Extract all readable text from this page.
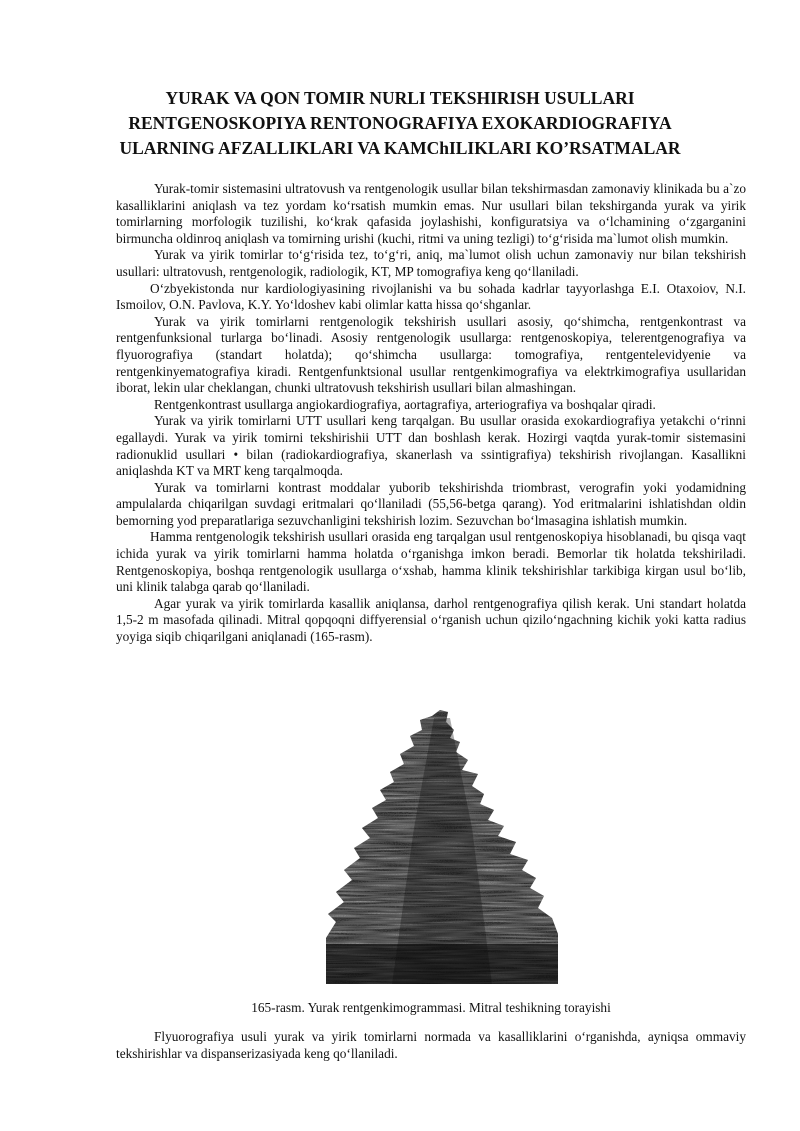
YURAK VA QON TOMIR NURLI TEKSHIRISH USULLARI
RENTGENOSKOPIYA RENTONOGRAFIYA EXOKARDIOGRAFIYA
ULARNING AFZALLIKLARI VA KAMChILIKLARI KO’RSATMALAR

Yurak-tomir sistemasini ultratovush va rentgenologik usullar bilan tekshirmasdan zamonaviy klinikada bu a`zo kasalliklarini aniqlash va tez yordam koʻrsatish mumkin emas. Nur usullari bilan tekshirganda yurak va yirik tomirlarning morfologik tuzilishi, koʻkrak qafasida joylashishi, konfiguratsiya va oʻlchamining oʻzgarganini birmuncha oldinroq aniqlash va tomirning urishi (kuchi, ritmi va uning tezligi) toʻgʻrisida ma`lumot olish mumkin.

Yurak va yirik tomirlar toʻgʻrisida tez, toʻgʻri, aniq, ma`lumot olish uchun zamonaviy nur bilan tekshirish usullari: ultratovush, rentgenologik, radiologik, KT, MP tomografiya keng qoʻllaniladi.

Oʻzbyekistonda nur kardiologiyasining rivojlanishi va bu sohada kadrlar tayyorlashga E.I. Otaxoiov, N.I. Ismoilov, O.N. Pavlova, K.Y. Yoʻldoshev kabi olimlar katta hissa qoʻshganlar.

Yurak va yirik tomirlarni rentgenologik tekshirish usullari asosiy, qoʻshimcha, rentgenkontrast va rentgenfunksional turlarga boʻlinadi. Asosiy rentgenologik usullarga: rentgenoskopiya, telerentgenografiya va flyuorografiya (standart holatda); qoʻshimcha usullarga: tomografiya, rentgentelevidyenie va rentgenkinyematografiya kiradi. Rentgenfunktsional usullar rentgenkimografiya va elektrkimografiya usullaridan iborat, lekin ular cheklangan, chunki ultratovush tekshirish usullari bilan almashingan.

Rentgenkontrast usullarga angiokardiografiya, aortagrafiya, arteriografiya va boshqalar qiradi.

Yurak va yirik tomirlarni UTT usullari keng tarqalgan. Bu usullar orasida exokardiografiya yetakchi oʻrinni egallaydi. Yurak va yirik tomirni tekshirishii UTT dan boshlash kerak. Hozirgi vaqtda yurak-tomir sistemasini radionuklid usullari • bilan (radiokardiografiya, skanerlash va ssintigrafiya) tekshirish rivojlangan. Kasallikni aniqlashda KT va MRT keng tarqalmoqda.

Yurak va tomirlarni kontrast moddalar yuborib tekshirishda triombrast, verografin yoki yodamidning ampulalarda chiqarilgan suvdagi eritmalari qoʻllaniladi (55,56-betga qarang). Yod eritmalarini ishlatishdan oldin bemorning yod preparatlariga sezuvchanligini tekshirish lozim. Sezuvchan boʻlmasagina ishlatish mumkin.

Hamma rentgenologik tekshirish usullari orasida eng tarqalgan usul rentgenoskopiya hisoblanadi, bu qisqa vaqt ichida yurak va yirik tomirlarni hamma holatda oʻrganishga imkon beradi. Bemorlar tik holatda tekshiriladi. Rentgenoskopiya, boshqa rentgenologik usullarga oʻxshab, hamma klinik tekshirishlar tarkibiga kirgan usul boʻlib, uni klinik talabga qarab qoʻllaniladi.

Agar yurak va yirik tomirlarda kasallik aniqlansa, darhol rentgenografiya qilish kerak. Uni standart holatda 1,5-2 m masofada qilinadi. Mitral qopqoqni diffyerensial oʻrganish uchun qiziloʻngachning kichik yoki katta radius yoyiga siqib chiqarilgani aniqlanadi (165-rasm).

165-rasm. Yurak rentgenkimogrammasi. Mitral teshikning torayishi

Flyuorografiya usuli yurak va yirik tomirlarni normada va kasalliklarini oʻrganishda, ayniqsa ommaviy tekshirishlar va dispanserizasiyada keng qoʻllaniladi.
